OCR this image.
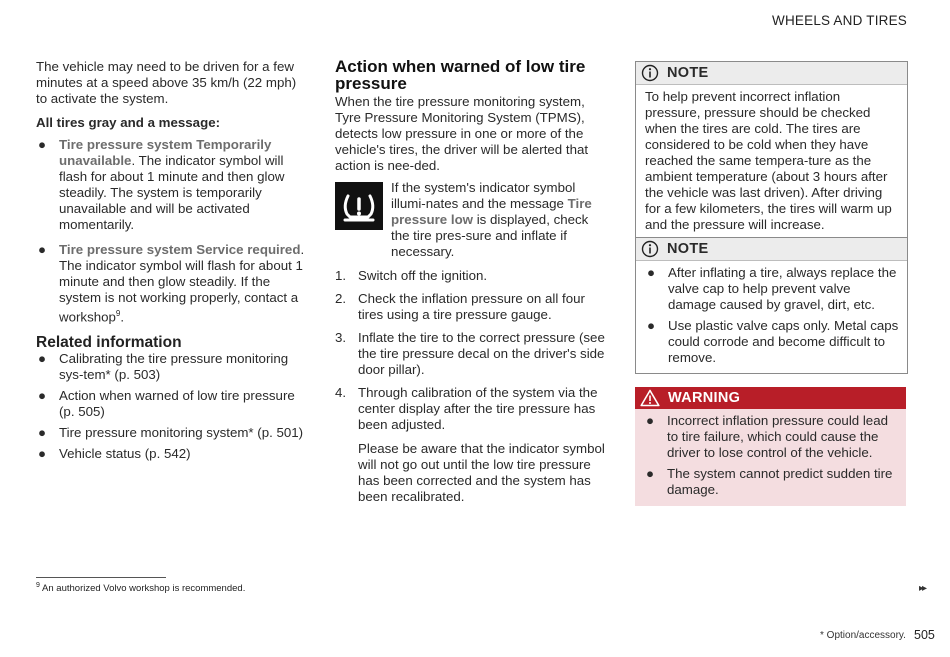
WHEELS AND TIRES

The vehicle may need to be driven for a few minutes at a speed above 35 km/h (22 mph) to activate the system.

All tires gray and a message:

● Tire pressure system Temporarily unavailable. The indicator symbol will flash for about 1 minute and then glow steadily. The system is temporarily unavailable and will be activated momentarily.
● Tire pressure system Service required. The indicator symbol will flash for about 1 minute and then glow steadily. If the system is not working properly, contact a workshop$^9$.

Related information

● Calibrating the tire pressure monitoring sys-tem* (p. 503)
● Action when warned of low tire pressure (p. 505)
● Tire pressure monitoring system* (p. 501)
● Vehicle status (p. 542)
Action when warned of low tire pressure

When the tire pressure monitoring system, Tyre Pressure Monitoring System (TPMS), detects low pressure in one or more of the vehicle's tires, the driver will be alerted that action is nee-ded.

If the system's indicator symbol illumi-nates and the message Tire pressure low is displayed, check the tire pres-sure and inflate if necessary.

1. Switch off the ignition.
2. Check the inflation pressure on all four tires using a tire pressure gauge.
3. Inflate the tire to the correct pressure (see the tire pressure decal on the driver's side door pillar).
4. Through calibration of the system via the center display after the tire pressure has been adjusted.

Please be aware that the indicator symbol will not go out until the low tire pressure has been corrected and the system has been recalibrated.

NOTE

To help prevent incorrect inflation pressure, pressure should be checked when the tires are cold. The tires are considered to be cold when they have reached the same tempera-ture as the ambient temperature (about 3 hours after the vehicle was last driven). After driving for a few kilometers, the tires will warm up and the pressure will increase.

NOTE
● After inflating a tire, always replace the valve cap to help prevent valve damage caused by gravel, dirt, etc.
● Use plastic valve caps only. Metal caps could corrode and become difficult to remove.
WARNING
● Incorrect inflation pressure could lead to tire failure, which could cause the driver to lose control of the vehicle.
● The system cannot predict sudden tire damage.
$^9$ An authorized Volvo workshop is recommended.	▸▸
* Option/accessory. 505
